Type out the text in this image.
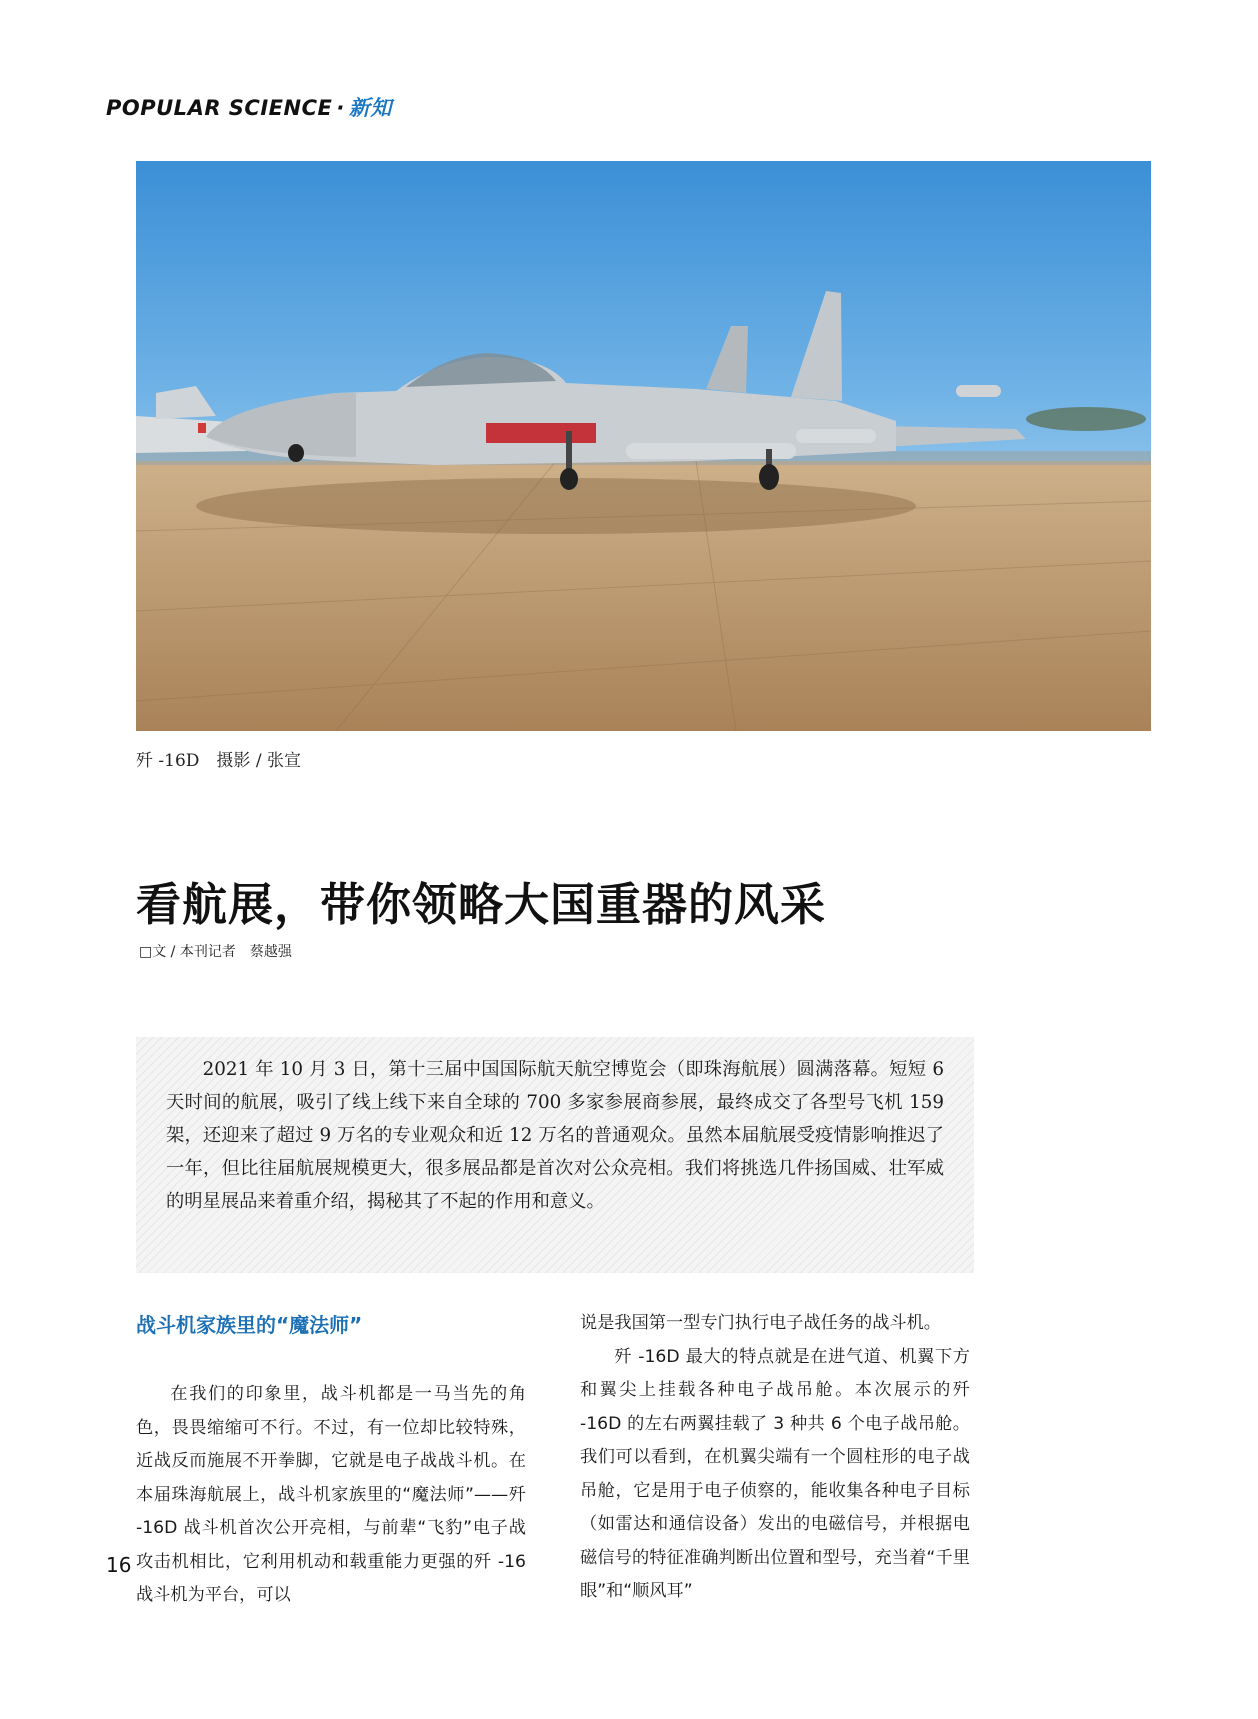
POPULAR SCIENCE · 新知
歼 -16D　摄影 / 张宣
看航展，带你领略大国重器的风采
□文 / 本刊记者　蔡越强

2021 年 10 月 3 日，第十三届中国国际航天航空博览会（即珠海航展）圆满落幕。短短 6 天时间的航展，吸引了线上线下来自全球的 700 多家参展商参展，最终成交了各型号飞机 159 架，还迎来了超过 9 万名的专业观众和近 12 万名的普通观众。虽然本届航展受疫情影响推迟了一年，但比往届航展规模更大，很多展品都是首次对公众亮相。我们将挑选几件扬国威、壮军威的明星展品来着重介绍，揭秘其了不起的作用和意义。

战斗机家族里的“魔法师”

在我们的印象里，战斗机都是一马当先的角色，畏畏缩缩可不行。不过，有一位却比较特殊，近战反而施展不开拳脚，它就是电子战战斗机。在本届珠海航展上，战斗机家族里的“魔法师”——歼 -16D 战斗机首次公开亮相，与前辈“飞豹”电子战攻击机相比，它利用机动和载重能力更强的歼 -16 战斗机为平台，可以

说是我国第一型专门执行电子战任务的战斗机。

歼 -16D 最大的特点就是在进气道、机翼下方和翼尖上挂载各种电子战吊舱。本次展示的歼 -16D 的左右两翼挂载了 3 种共 6 个电子战吊舱。我们可以看到，在机翼尖端有一个圆柱形的电子战吊舱，它是用于电子侦察的，能收集各种电子目标（如雷达和通信设备）发出的电磁信号，并根据电磁信号的特征准确判断出位置和型号，充当着“千里眼”和“顺风耳”

16
